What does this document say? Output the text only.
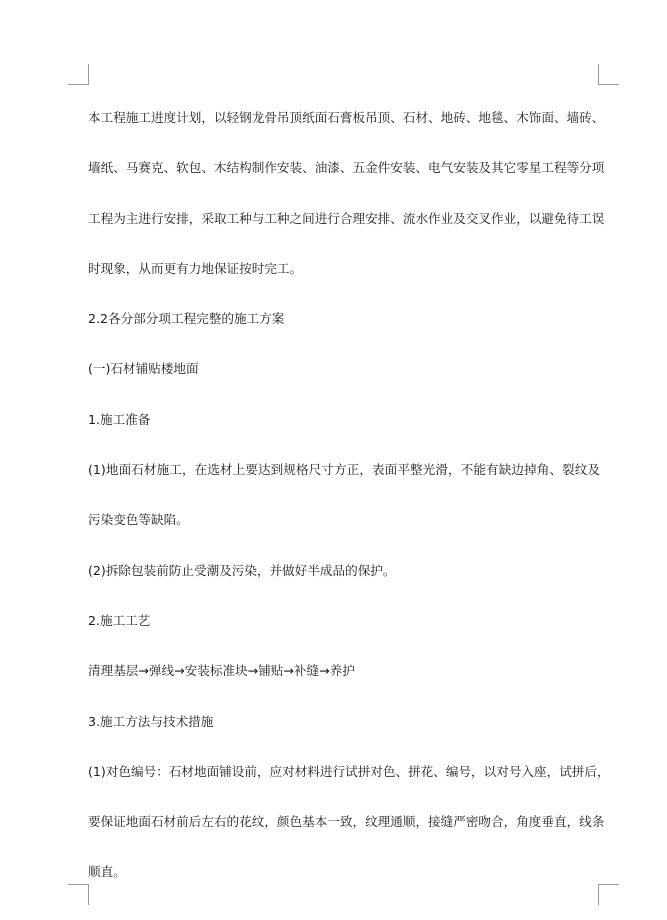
本工程施工进度计划，以轻钢龙骨吊顶纸面石膏板吊顶、石材、地砖、地毯、木饰面、墙砖、
墙纸、马赛克、软包、木结构制作安装、油漆、五金件安装、电气安装及其它零星工程等分项
工程为主进行安排，采取工种与工种之间进行合理安排、流水作业及交叉作业，以避免待工误
时现象，从而更有力地保证按时完工。
2.2各分部分项工程完整的施工方案
(一)石材铺贴楼地面
1.施工准备
(1)地面石材施工，在选材上要达到规格尺寸方正，表面平整光滑，不能有缺边掉角、裂纹及
污染变色等缺陷。
(2)拆除包装前防止受潮及污染，并做好半成品的保护。
2.施工工艺
清理基层→弹线→安装标准块→铺贴→补缝→养护
3.施工方法与技术措施
(1)对色编号：石材地面铺设前，应对材料进行试拼对色、拼花、编号，以对号入座，试拼后，
要保证地面石材前后左右的花纹，颜色基本一致，纹理通顺，接缝严密吻合，角度垂直，线条
顺直。
